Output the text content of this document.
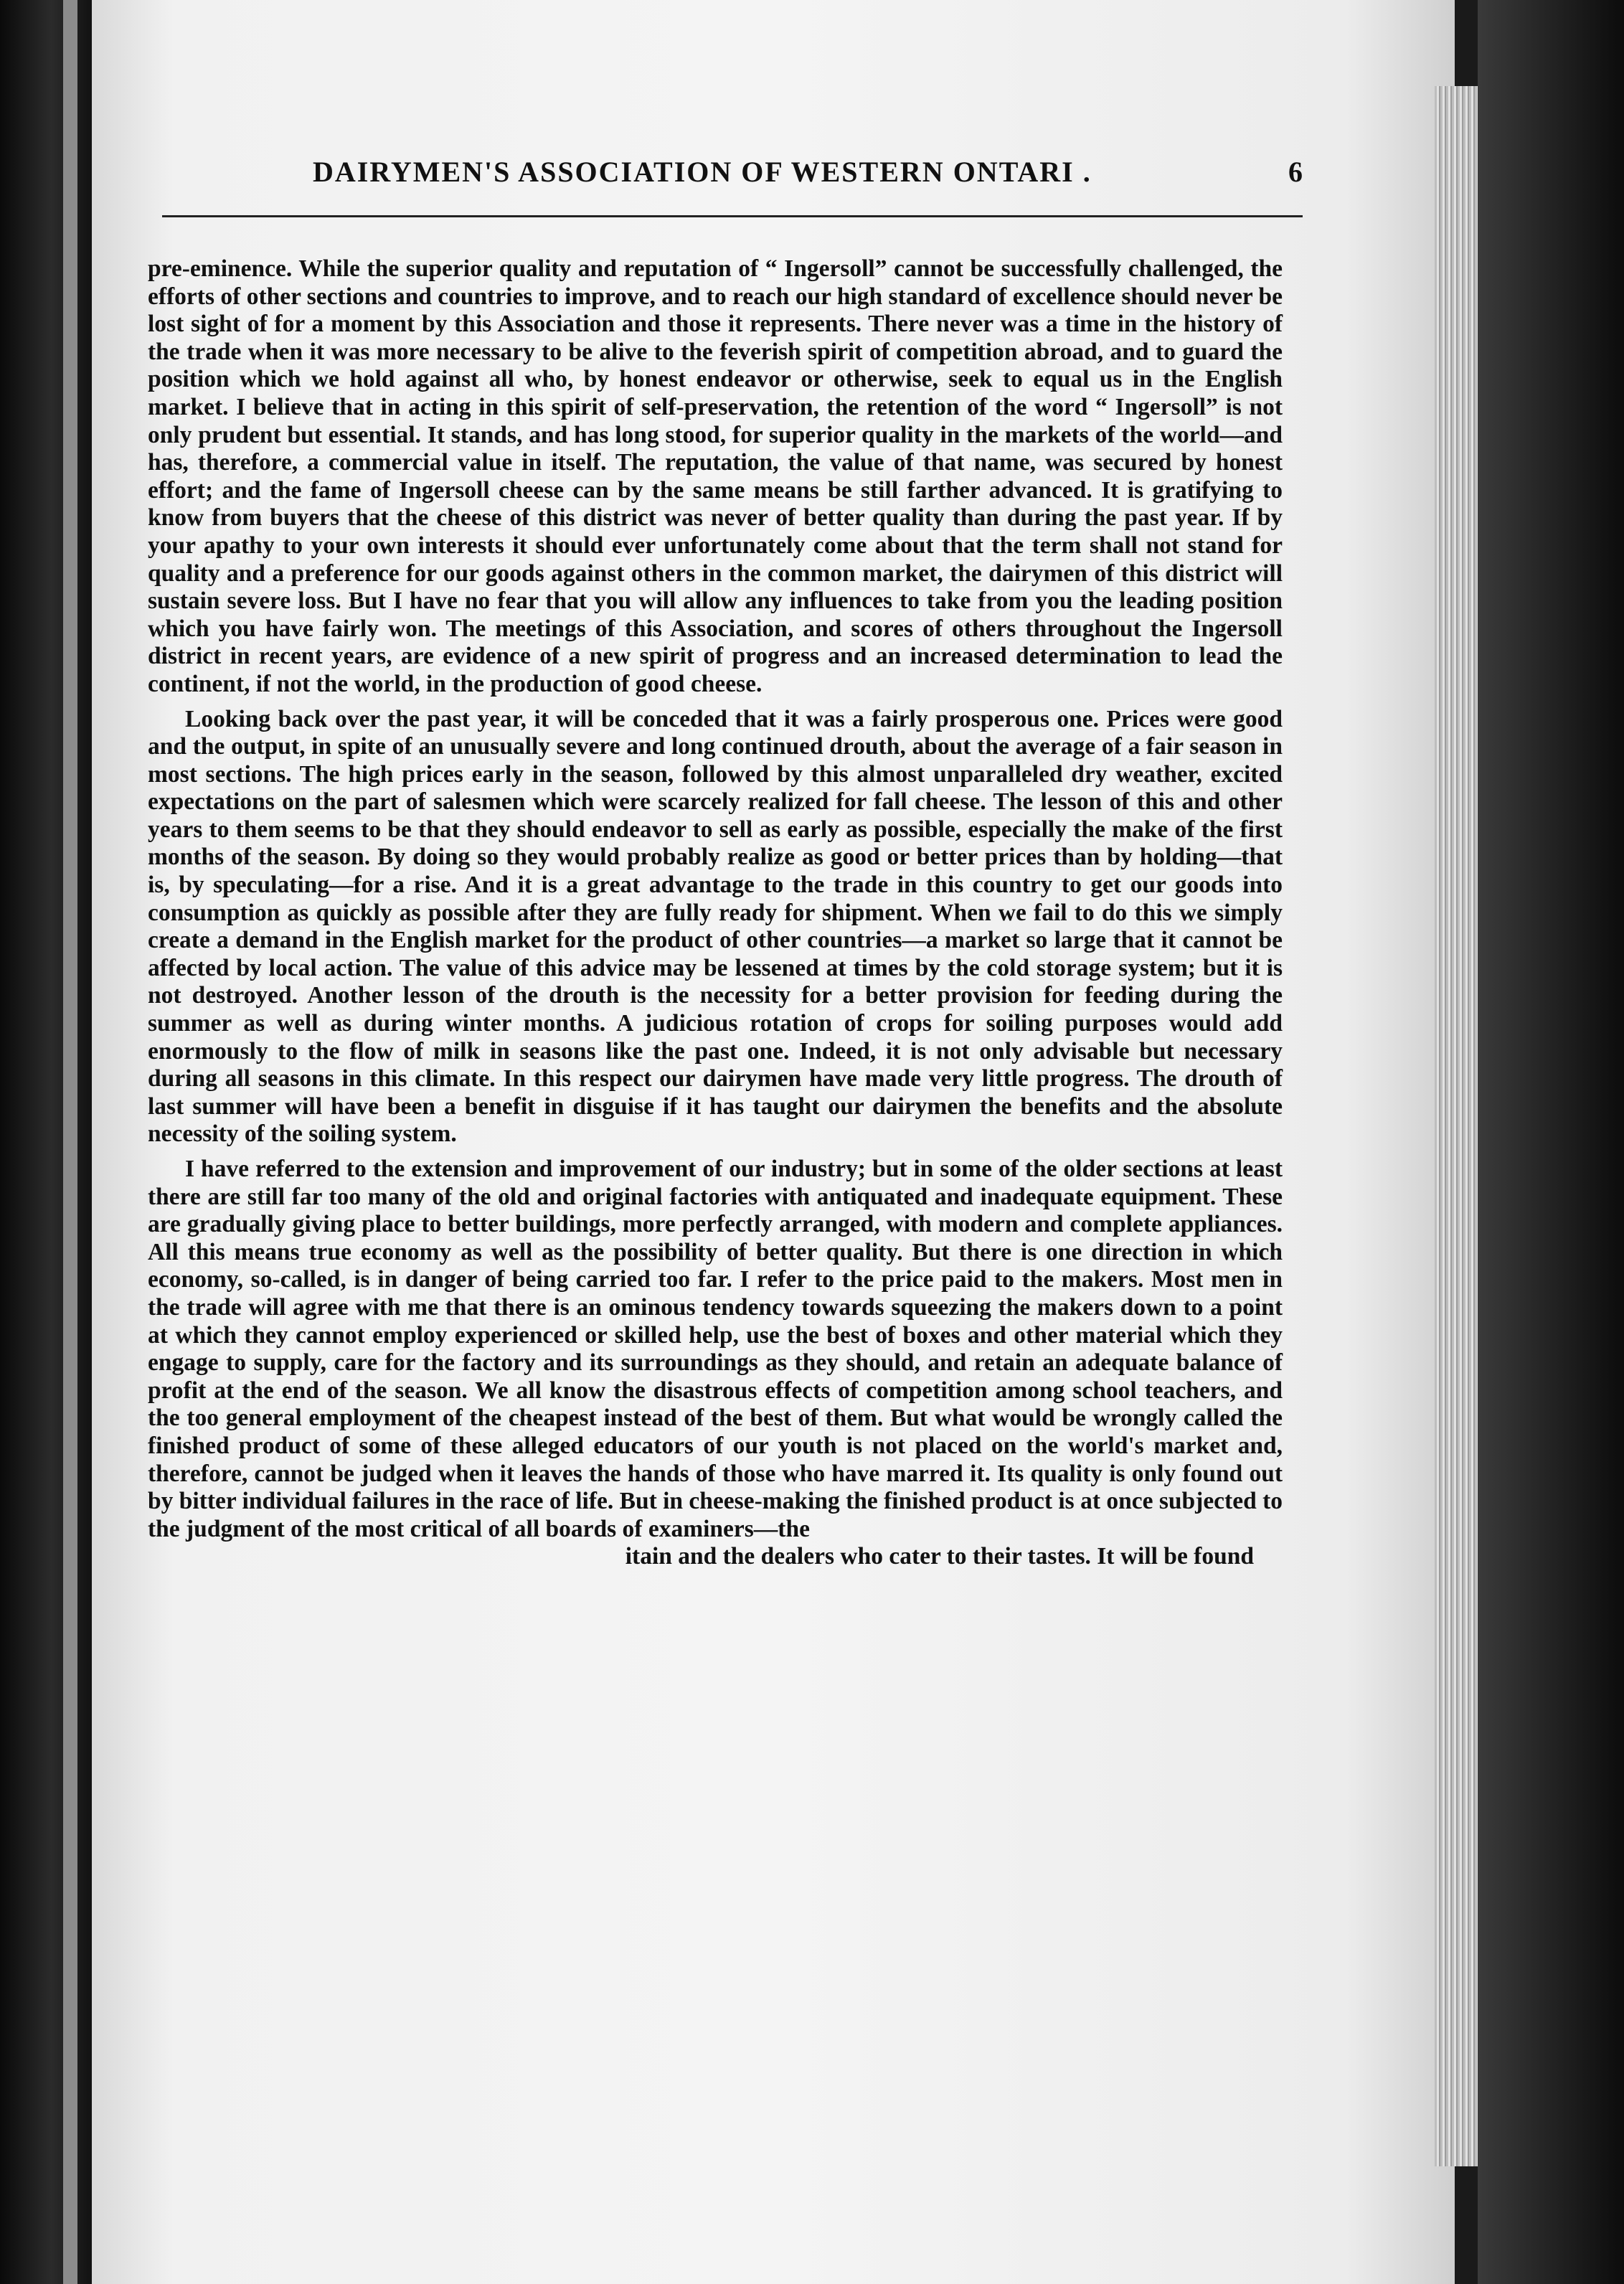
DAIRYMEN'S ASSOCIATION OF WESTERN ONTARI .	6

pre-eminence. While the superior quality and reputation of “ Ingersoll” cannot be successfully challenged, the efforts of other sections and countries to improve, and to reach our high standard of excellence should never be lost sight of for a moment by this Association and those it represents. There never was a time in the history of the trade when it was more necessary to be alive to the feverish spirit of competition abroad, and to guard the position which we hold against all who, by honest endeavor or otherwise, seek to equal us in the English market. I believe that in acting in this spirit of self-preservation, the retention of the word “ Ingersoll” is not only prudent but essential. It stands, and has long stood, for superior quality in the markets of the world—and has, therefore, a commercial value in itself. The reputation, the value of that name, was secured by honest effort; and the fame of Ingersoll cheese can by the same means be still farther advanced. It is gratifying to know from buyers that the cheese of this district was never of better quality than during the past year. If by your apathy to your own interests it should ever unfortunately come about that the term shall not stand for quality and a preference for our goods against others in the common market, the dairymen of this district will sustain severe loss. But I have no fear that you will allow any influences to take from you the leading position which you have fairly won. The meetings of this Association, and scores of others throughout the Ingersoll district in recent years, are evidence of a new spirit of progress and an increased determination to lead the continent, if not the world, in the production of good cheese.

Looking back over the past year, it will be conceded that it was a fairly prosperous one. Prices were good and the output, in spite of an unusually severe and long continued drouth, about the average of a fair season in most sections. The high prices early in the season, followed by this almost unparalleled dry weather, excited expectations on the part of salesmen which were scarcely realized for fall cheese. The lesson of this and other years to them seems to be that they should endeavor to sell as early as possible, especially the make of the first months of the season. By doing so they would probably realize as good or better prices than by holding—that is, by speculating—for a rise. And it is a great advantage to the trade in this country to get our goods into consumption as quickly as possible after they are fully ready for shipment. When we fail to do this we simply create a demand in the English market for the product of other countries—a market so large that it cannot be affected by local action. The value of this advice may be lessened at times by the cold storage system; but it is not destroyed. Another lesson of the drouth is the necessity for a better provision for feeding during the summer as well as during winter months. A judicious rotation of crops for soiling purposes would add enormously to the flow of milk in seasons like the past one. Indeed, it is not only advisable but necessary during all seasons in this climate. In this respect our dairymen have made very little progress. The drouth of last summer will have been a benefit in disguise if it has taught our dairymen the benefits and the absolute necessity of the soiling system.

I have referred to the extension and improvement of our industry; but in some of the older sections at least there are still far too many of the old and original factories with antiquated and inadequate equipment. These are gradually giving place to better buildings, more perfectly arranged, with modern and complete appliances. All this means true economy as well as the possibility of better quality. But there is one direction in which economy, so-called, is in danger of being carried too far. I refer to the price paid to the makers. Most men in the trade will agree with me that there is an ominous tendency towards squeezing the makers down to a point at which they cannot employ experienced or skilled help, use the best of boxes and other material which they engage to supply, care for the factory and its surroundings as they should, and retain an adequate balance of profit at the end of the season. We all know the disastrous effects of competition among school teachers, and the too general employment of the cheapest instead of the best of them. But what would be wrongly called the finished product of some of these alleged educators of our youth is not placed on the world's market and, therefore, cannot be judged when it leaves the hands of those who have marred it. Its quality is only found out by bitter individual failures in the race of life. But in cheese-making the finished product is at once subjected to the judgment of the most critical of all boards of examiners—the

itain and the dealers who cater to their tastes. It will be found
